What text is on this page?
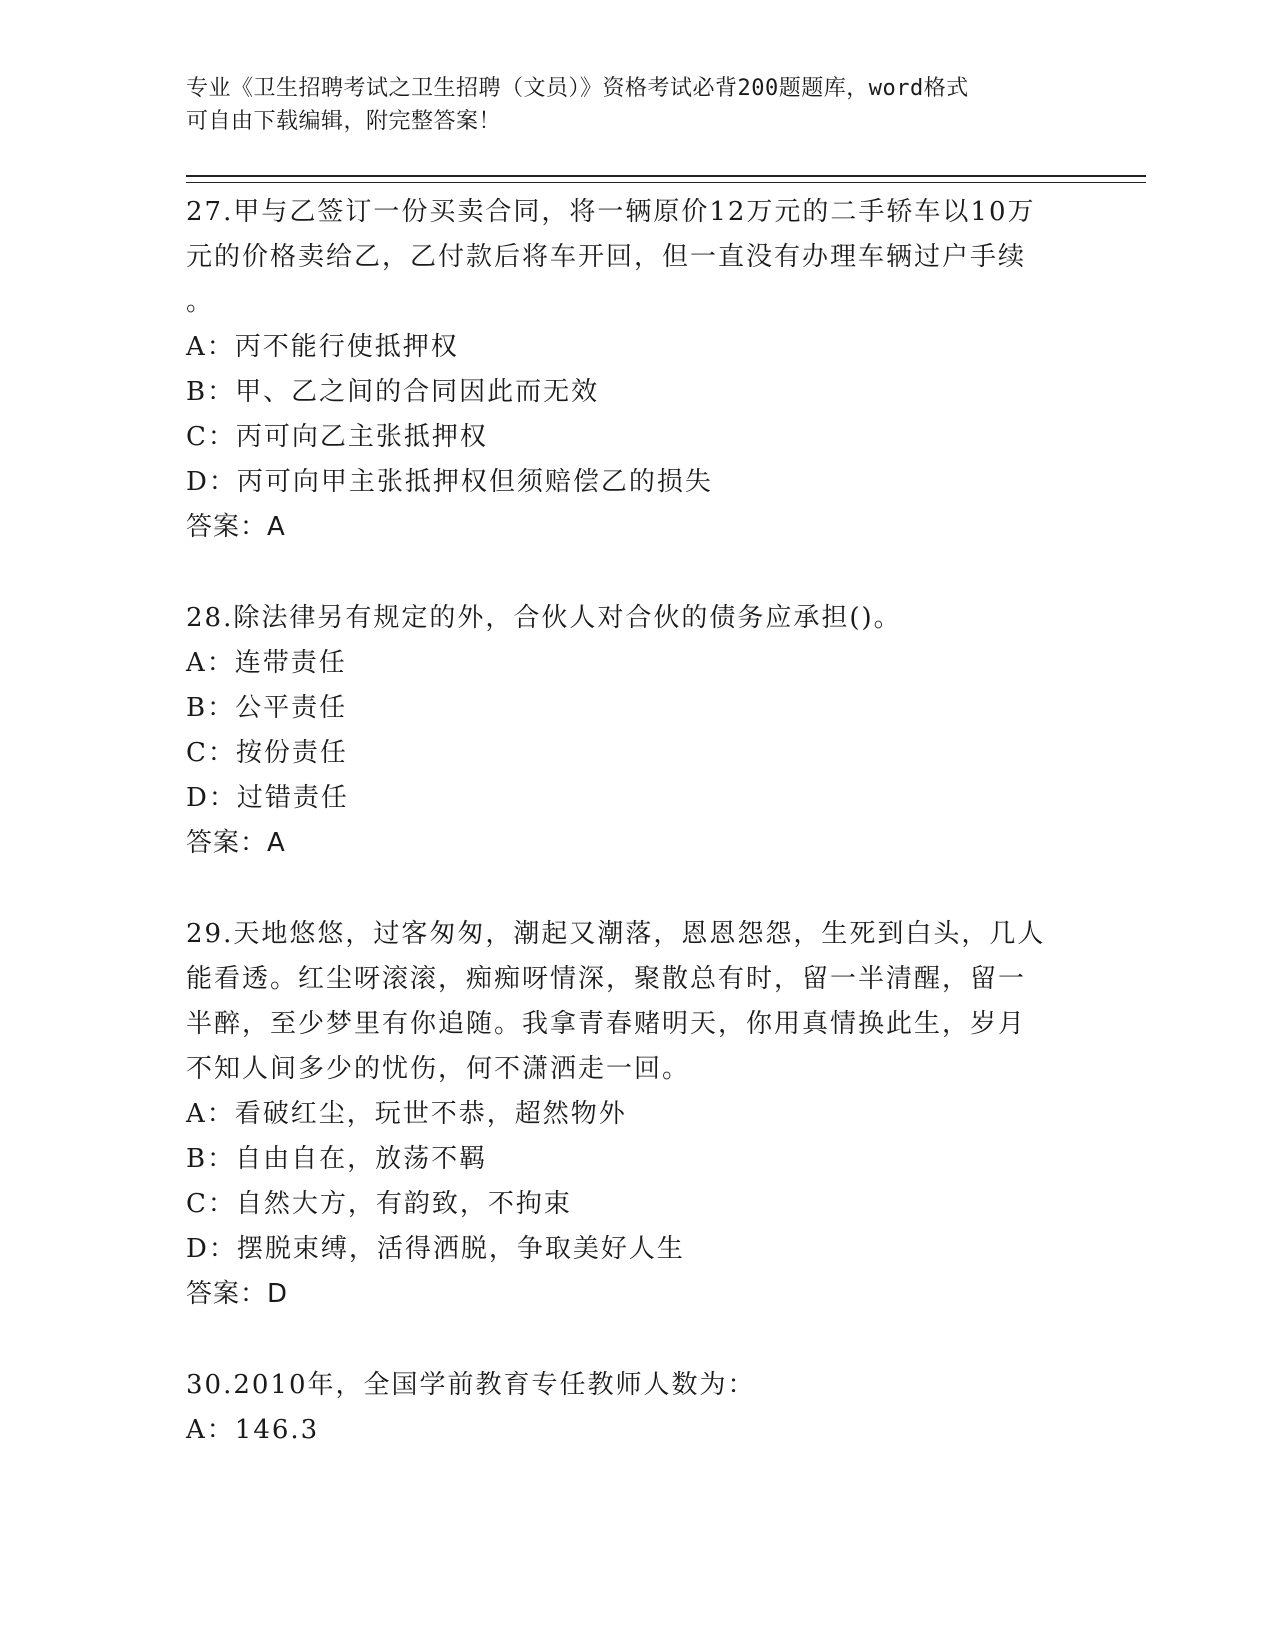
专业《卫生招聘考试之卫生招聘（文员）》资格考试必背200题题库，word格式
可自由下载编辑，附完整答案！

27.甲与乙签订一份买卖合同，将一辆原价12万元的二手轿车以10万

元的价格卖给乙，乙付款后将车开回，但一直没有办理车辆过户手续

。

A：丙不能行使抵押权

B：甲、乙之间的合同因此而无效

C：丙可向乙主张抵押权

D：丙可向甲主张抵押权但须赔偿乙的损失

答案：A

28.除法律另有规定的外，合伙人对合伙的债务应承担()。

A：连带责任

B：公平责任

C：按份责任

D：过错责任

答案：A

29.天地悠悠，过客匆匆，潮起又潮落，恩恩怨怨，生死到白头，几人

能看透。红尘呀滚滚，痴痴呀情深，聚散总有时，留一半清醒，留一

半醉，至少梦里有你追随。我拿青春赌明天，你用真情换此生，岁月

不知人间多少的忧伤，何不潇洒走一回。

A：看破红尘，玩世不恭，超然物外

B：自由自在，放荡不羁

C：自然大方，有韵致，不拘束

D：摆脱束缚，活得洒脱，争取美好人生

答案：D

30.2010年，全国学前教育专任教师人数为：

A：146.3
